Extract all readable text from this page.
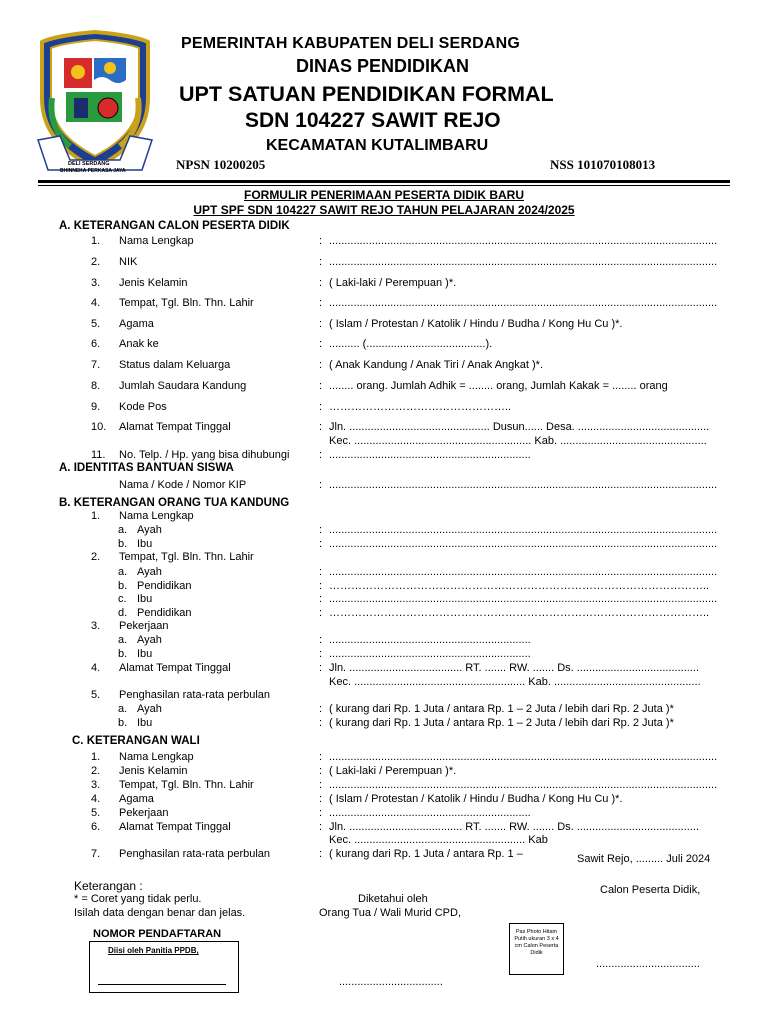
DELI SERDANG
BHINNEKA PERKASA JAYA
PEMERINTAH KABUPATEN DELI SERDANG
DINAS PENDIDIKAN
UPT SATUAN PENDIDIKAN FORMAL
SDN 104227 SAWIT REJO
KECAMATAN KUTALIMBARU
NPSN 10200205	NSS 101070108013
FORMULIR PENERIMAAN PESERTA DIDIK BARU
UPT SPF SDN 104227 SAWIT REJO TAHUN PELAJARAN 2024/2025
A. KETERANGAN CALON PESERTA DIDIK
1. Nama Lengkap	: ...............................................................................................................................
2. NIK	: ...............................................................................................................................
3. Jenis Kelamin	: ( Laki-laki / Perempuan )*.
4. Tempat, Tgl. Bln. Thn. Lahir	: ...............................................................................................................................
5. Agama	: ( Islam / Protestan / Katolik / Hindu / Budha / Kong Hu Cu )*.
6. Anak ke	: .......... (.......................................).
7. Status dalam Keluarga	: ( Anak Kandung / Anak Tiri / Anak Angkat )*.
8. Jumlah Saudara Kandung	: ........ orang. Jumlah Adhik = ........ orang, Jumlah Kakak = ........ orang
9. Kode Pos	: …………………………………………..
10. Alamat Tempat Tinggal	: Jln. .............................................. Dusun...... Desa. ...........................................
Kec. .......................................................... Kab. ................................................
11. No. Telp. / Hp. yang bisa dihubungi	: ..................................................................
A. IDENTITAS BANTUAN SISWA
Nama / Kode / Nomor KIP	: ...............................................................................................................................
B. KETERANGAN ORANG TUA KANDUNG
1. Nama Lengkap
a. Ayah	: ...............................................................................................................................
b. Ibu	: ...............................................................................................................................
2. Tempat, Tgl. Bln. Thn. Lahir
a. Ayah	: ...............................................................................................................................
b. Pendidikan	: …………………………………………………………………………………………..
c. Ibu	: ...............................................................................................................................
d. Pendidikan	: …………………………………………………………………………………………..
3. Pekerjaan
a. Ayah	: ..................................................................
b. Ibu	: ..................................................................
4. Alamat Tempat Tinggal	: Jln. ..................................... RT. ....... RW. ....... Ds. ........................................
Kec. ........................................................ Kab. ................................................
5. Penghasilan rata-rata perbulan
a. Ayah	: ( kurang dari Rp. 1 Juta / antara Rp. 1 – 2 Juta / lebih dari Rp. 2 Juta )*
b. Ibu	: ( kurang dari Rp. 1 Juta / antara Rp. 1 – 2 Juta / lebih dari Rp. 2 Juta )*
C. KETERANGAN WALI
1. Nama Lengkap	: ...............................................................................................................................
2. Jenis Kelamin	: ( Laki-laki / Perempuan )*.
3. Tempat, Tgl. Bln. Thn. Lahir	: ...............................................................................................................................
4. Agama	: ( Islam / Protestan / Katolik / Hindu / Budha / Kong Hu Cu )*.
5. Pekerjaan	: ..................................................................
6. Alamat Tempat Tinggal	: Jln. ..................................... RT. ....... RW. ....... Ds. ........................................
Kec. ........................................................ Kab
7. Penghasilan rata-rata perbulan	: ( kurang dari Rp. 1 Juta / antara Rp. 1 –	Sawit Rejo, ......... Juli 2024
Keterangan :
* = Coret yang tidak perlu.
Isilah data dengan benar dan jelas.
Diketahui oleh
Orang Tua / Wali Murid CPD,
Calon Peserta Didik,
NOMOR PENDAFTARAN
Diisi oleh Panitia PPDB,
Pas Photo Hitam Putih ukuran 3 x 4 cm Calon Peserta Didik
..................................
..................................
